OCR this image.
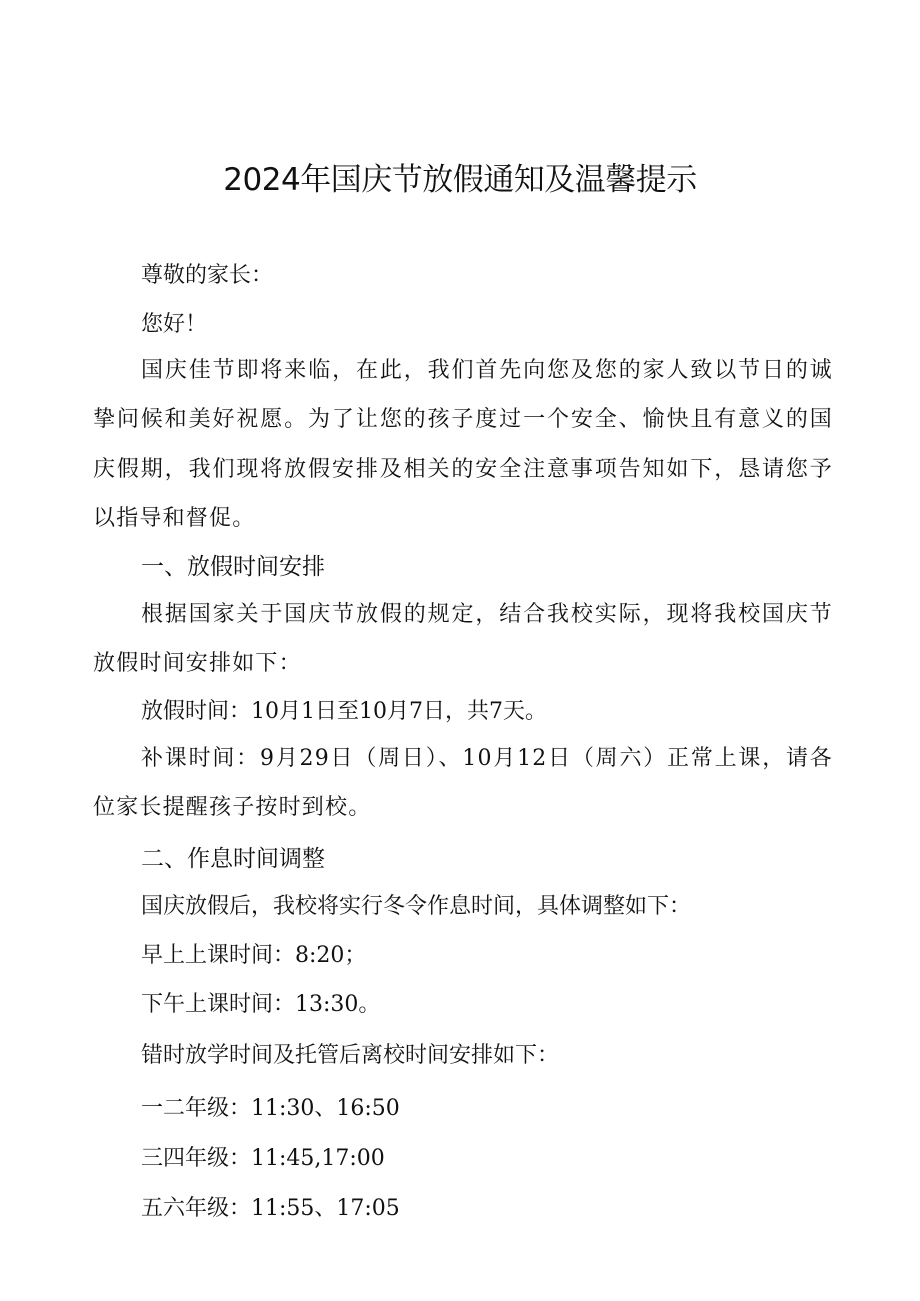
2024年国庆节放假通知及温馨提示

尊敬的家长：

您好！

国庆佳节即将来临，在此，我们首先向您及您的家人致以节日的诚挚问候和美好祝愿。为了让您的孩子度过一个安全、愉快且有意义的国庆假期，我们现将放假安排及相关的安全注意事项告知如下，恳请您予以指导和督促。

一、放假时间安排

根据国家关于国庆节放假的规定，结合我校实际，现将我校国庆节放假时间安排如下：

放假时间：10月1日至10月7日，共7天。

补课时间：9月29日（周日）、10月12日（周六）正常上课，请各位家长提醒孩子按时到校。

二、作息时间调整

国庆放假后，我校将实行冬令作息时间，具体调整如下：

早上上课时间：8:20；

下午上课时间：13:30。

错时放学时间及托管后离校时间安排如下：

一二年级：11:30、16:50

三四年级：11:45,17:00

五六年级：11:55、17:05
